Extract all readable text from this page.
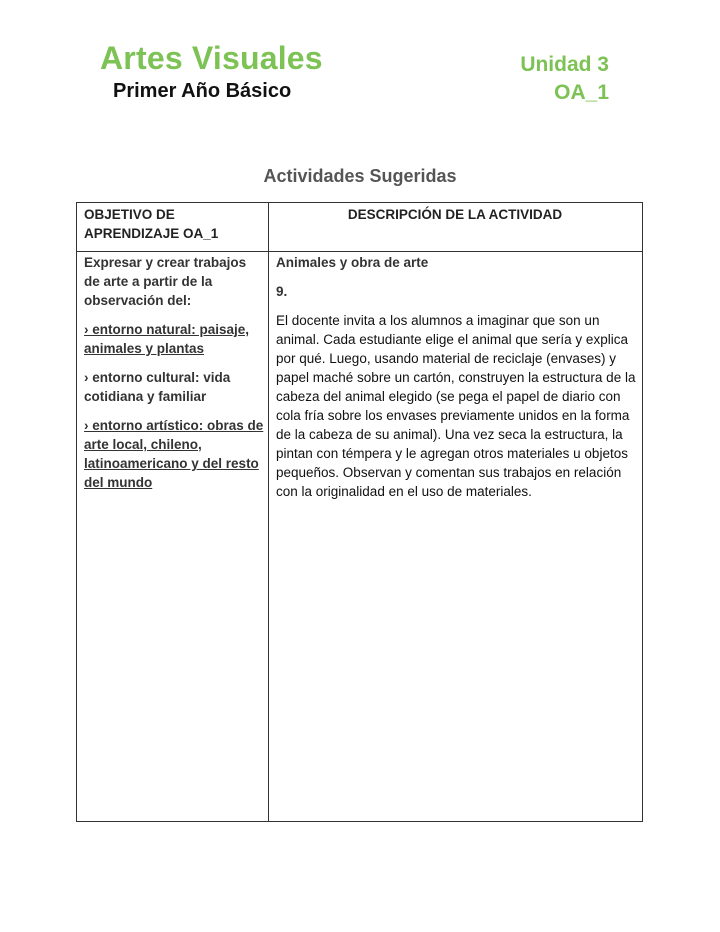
Artes Visuales
Primer Año Básico
Unidad 3
OA_1
Actividades Sugeridas
OBJETIVO DE APRENDIZAJE OA_1
DESCRIPCIÓN DE LA ACTIVIDAD

Expresar y crear trabajos de arte a partir de la observación del:

› entorno natural: paisaje, animales y plantas

› entorno cultural: vida cotidiana y familiar

› entorno artístico: obras de arte local, chileno, latinoamericano y del resto del mundo

Animales y obra de arte

9.

El docente invita a los alumnos a imaginar que son un animal. Cada estudiante elige el animal que sería y explica por qué. Luego, usando material de reciclaje (envases) y papel maché sobre un cartón, construyen la estructura de la cabeza del animal elegido (se pega el papel de diario con cola fría sobre los envases previamente unidos en la forma de la cabeza de su animal). Una vez seca la estructura, la pintan con témpera y le agregan otros materiales u objetos pequeños. Observan y comentan sus trabajos en relación con la originalidad en el uso de materiales.
